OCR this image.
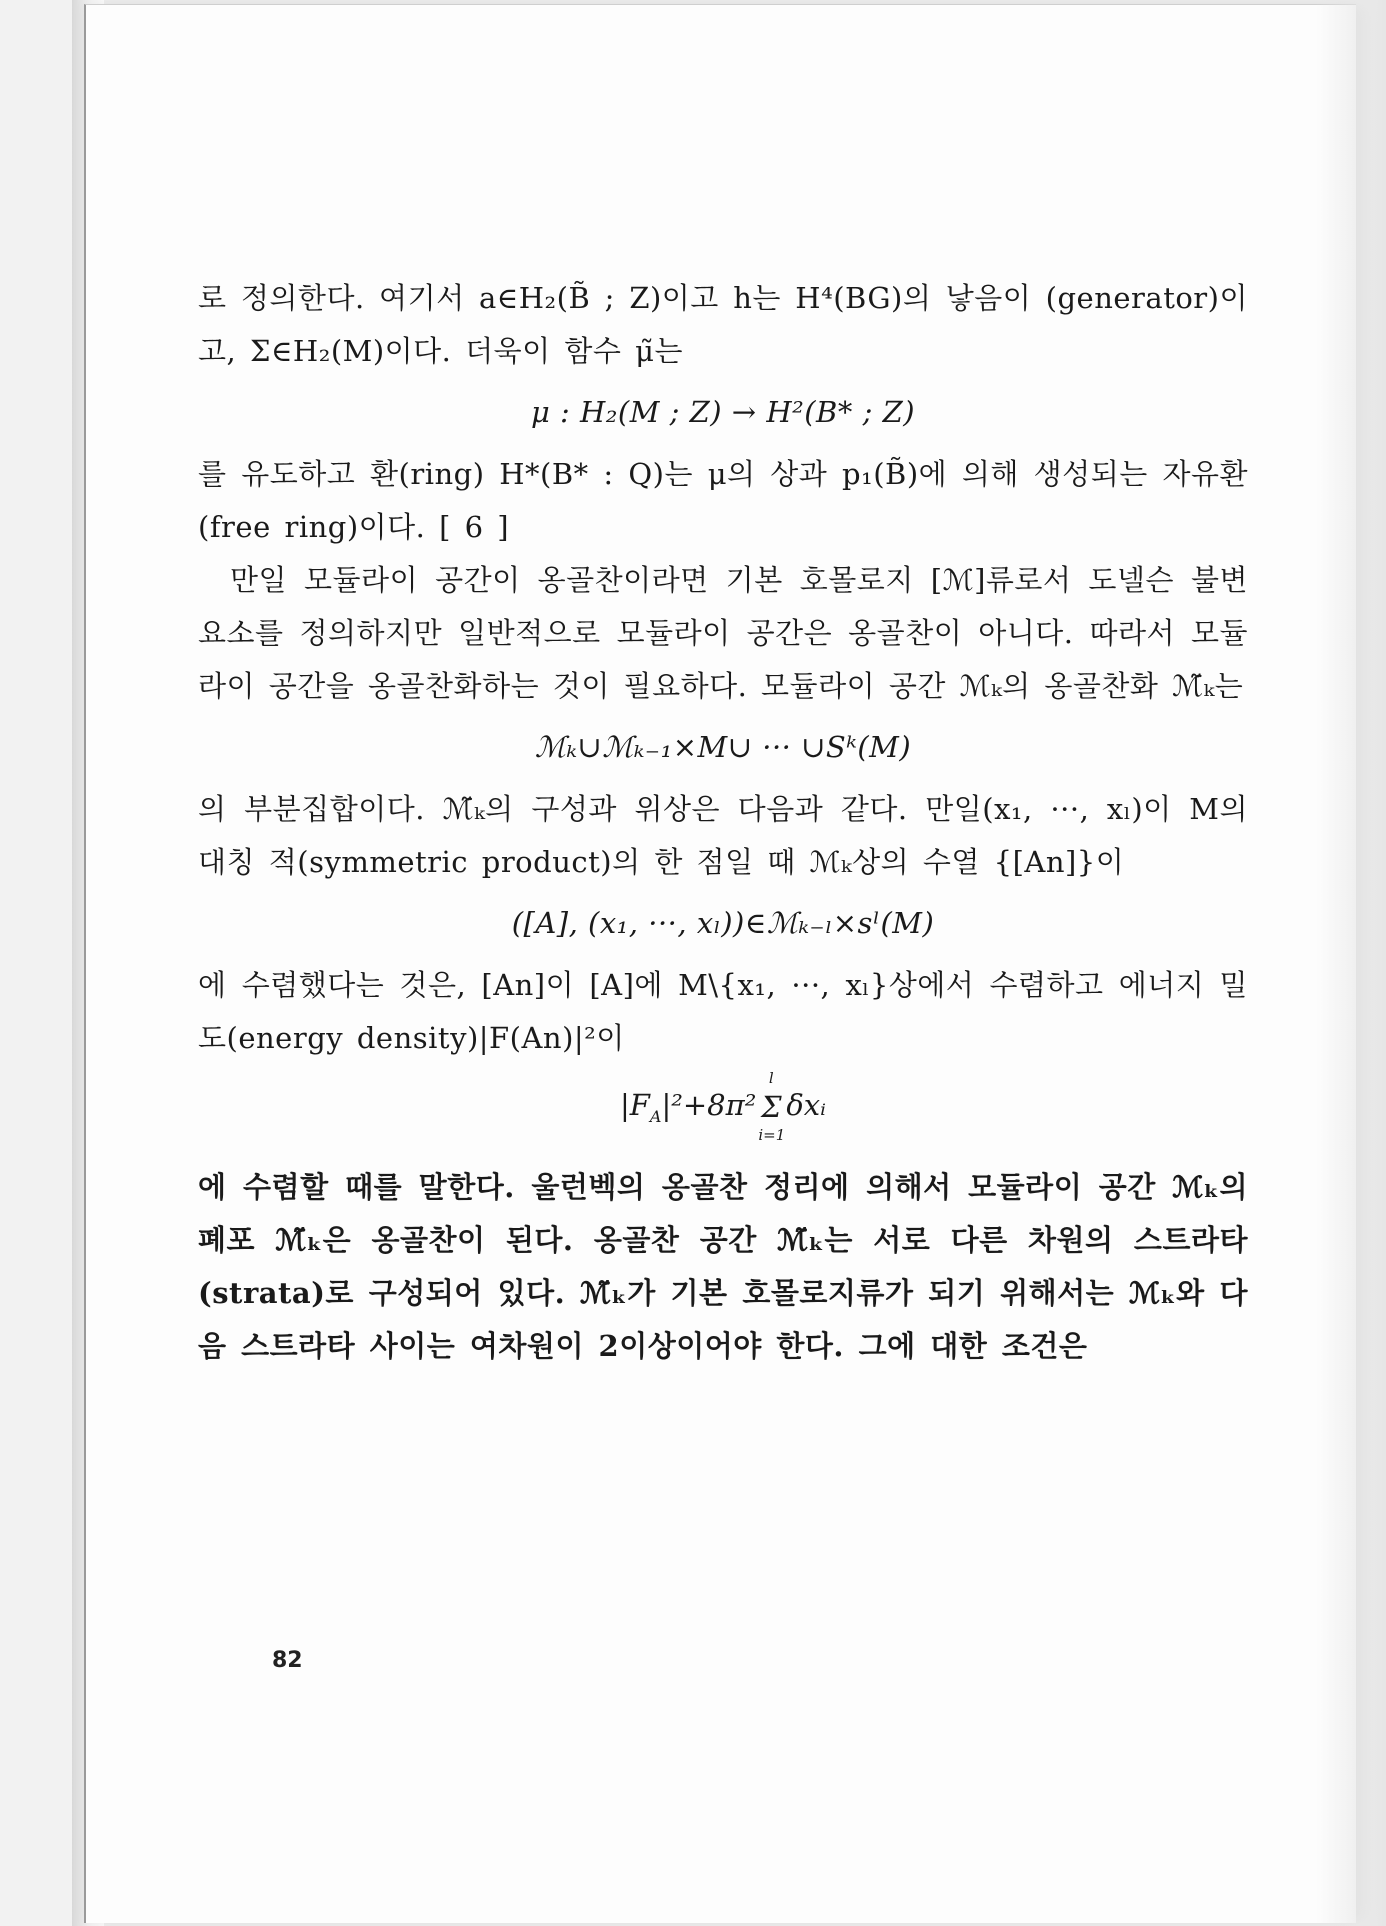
로 정의한다. 여기서 a∈H₂(B̃ ; Z)이고 h는 H⁴(BG)의 낳음이 (generator)이고, Σ∈H₂(M)이다. 더욱이 함수 μ̃는

μ : H₂(M ; Z) → H²(B* ; Z)

를 유도하고 환(ring) H*(B* : Q)는 μ의 상과 p₁(B̃)에 의해 생성되는 자유환(free ring)이다. [ 6 ]

만일 모듈라이 공간이 옹골찬이라면 기본 호몰로지 [ℳ]류로서 도넬슨 불변요소를 정의하지만 일반적으로 모듈라이 공간은 옹골찬이 아니다. 따라서 모듈라이 공간을 옹골찬화하는 것이 필요하다. 모듈라이 공간 ℳₖ의 옹골찬화 ℳ̃ₖ는

ℳₖ∪ℳₖ₋₁×M∪ ··· ∪Sᵏ(M)

의 부분집합이다. ℳ̃ₖ의 구성과 위상은 다음과 같다. 만일(x₁, ···, xₗ)이 M의 대칭 적(symmetric product)의 한 점일 때 ℳₖ상의 수열 {[An]}이

([A], (x₁, ···, xₗ))∈ℳₖ₋ₗ×sˡ(M)

에 수렴했다는 것은, [An]이 [A]에 M\{x₁, ···, xₗ}상에서 수렴하고 에너지 밀도(energy density)|F(An)|²이

$|F_A|^2+8\pi^2$
l
Σ
i=1
δxᵢ

에 수렴할 때를 말한다. 울런벡의 옹골찬 정리에 의해서 모듈라이 공간 ℳₖ의 폐포 ℳ̃ₖ은 옹골찬이 된다. 옹골찬 공간 ℳ̃ₖ는 서로 다른 차원의 스트라타(strata)로 구성되어 있다. ℳ̃ₖ가 기본 호몰로지류가 되기 위해서는 ℳₖ와 다음 스트라타 사이는 여차원이 2이상이어야 한다. 그에 대한 조건은

82
